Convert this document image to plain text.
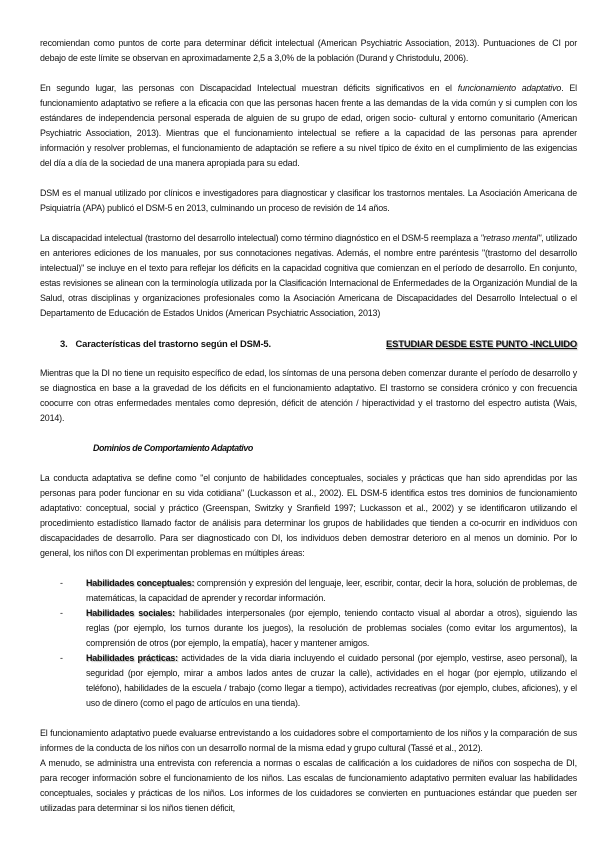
recomiendan como puntos de corte para determinar déficit intelectual (American Psychiatric Association, 2013). Puntuaciones de CI por debajo de este límite se observan en aproximadamente 2,5 a 3,0% de la población (Durand y Christodulu, 2006).

En segundo lugar, las personas con Discapacidad Intelectual muestran déficits significativos en el funcionamiento adaptativo. El funcionamiento adaptativo se refiere a la eficacia con que las personas hacen frente a las demandas de la vida común y si cumplen con los estándares de independencia personal esperada de alguien de su grupo de edad, origen socio- cultural y entorno comunitario (American Psychiatric Association, 2013). Mientras que el funcionamiento intelectual se refiere a la capacidad de las personas para aprender información y resolver problemas, el funcionamiento de adaptación se refiere a su nivel típico de éxito en el cumplimiento de las exigencias del día a día de la sociedad de una manera apropiada para su edad.

DSM es el manual utilizado por clínicos e investigadores para diagnosticar y clasificar los trastornos mentales. La Asociación Americana de Psiquiatría (APA) publicó el DSM-5 en 2013, culminando un proceso de revisión de 14 años.

La discapacidad intelectual (trastorno del desarrollo intelectual) como término diagnóstico en el DSM-5 reemplaza a "retraso mental", utilizado en anteriores ediciones de los manuales, por sus connotaciones negativas. Además, el nombre entre paréntesis "(trastorno del desarrollo intelectual)" se incluye en el texto para reflejar los déficits en la capacidad cognitiva que comienzan en el período de desarrollo. En conjunto, estas revisiones se alinean con la terminología utilizada por la Clasificación Internacional de Enfermedades de la Organización Mundial de la Salud, otras disciplinas y organizaciones profesionales como la Asociación Americana de Discapacidades del Desarrollo Intelectual o el Departamento de Educación de Estados Unidos (American Psychiatric Association, 2013)

3. Características del trastorno según el DSM-5.	ESTUDIAR DESDE ESTE PUNTO -INCLUIDO

Mientras que la DI no tiene un requisito específico de edad, los síntomas de una persona deben comenzar durante el período de desarrollo y se diagnostica en base a la gravedad de los déficits en el funcionamiento adaptativo. El trastorno se considera crónico y con frecuencia coocurre con otras enfermedades mentales como depresión, déficit de atención / hiperactividad y el trastorno del espectro autista (Wais, 2014).

Dominios de Comportamiento Adaptativo

La conducta adaptativa se define como "el conjunto de habilidades conceptuales, sociales y prácticas que han sido aprendidas por las personas para poder funcionar en su vida cotidiana" (Luckasson et al., 2002). EL DSM-5 identifica estos tres dominios de funcionamiento adaptativo: conceptual, social y práctico (Greenspan, Switzky y Sranfield 1997; Luckasson et al., 2002) y se identificaron utilizando el procedimiento estadístico llamado factor de análisis para determinar los grupos de habilidades que tienden a co-ocurrir en individuos con discapacidades de desarrollo. Para ser diagnosticado con DI, los individuos deben demostrar deterioro en al menos un dominio. Por lo general, los niños con DI experimentan problemas en múltiples áreas:

- Habilidades conceptuales: comprensión y expresión del lenguaje, leer, escribir, contar, decir la hora, solución de problemas, de matemáticas, la capacidad de aprender y recordar información.
- Habilidades sociales: habilidades interpersonales (por ejemplo, teniendo contacto visual al abordar a otros), siguiendo las reglas (por ejemplo, los turnos durante los juegos), la resolución de problemas sociales (como evitar los argumentos), la comprensión de otros (por ejemplo, la empatía), hacer y mantener amigos.
- Habilidades prácticas: actividades de la vida diaria incluyendo el cuidado personal (por ejemplo, vestirse, aseo personal), la seguridad (por ejemplo, mirar a ambos lados antes de cruzar la calle), actividades en el hogar (por ejemplo, utilizando el teléfono), habilidades de la escuela / trabajo (como llegar a tiempo), actividades recreativas (por ejemplo, clubes, aficiones), y el uso de dinero (como el pago de artículos en una tienda).

El funcionamiento adaptativo puede evaluarse entrevistando a los cuidadores sobre el comportamiento de los niños y la comparación de sus informes de la conducta de los niños con un desarrollo normal de la misma edad y grupo cultural (Tassé et al., 2012).

A menudo, se administra una entrevista con referencia a normas o escalas de calificación a los cuidadores de niños con sospecha de DI, para recoger información sobre el funcionamiento de los niños. Las escalas de funcionamiento adaptativo permiten evaluar las habilidades conceptuales, sociales y prácticas de los niños. Los informes de los cuidadores se convierten en puntuaciones estándar que pueden ser utilizadas para determinar si los niños tienen déficit,
